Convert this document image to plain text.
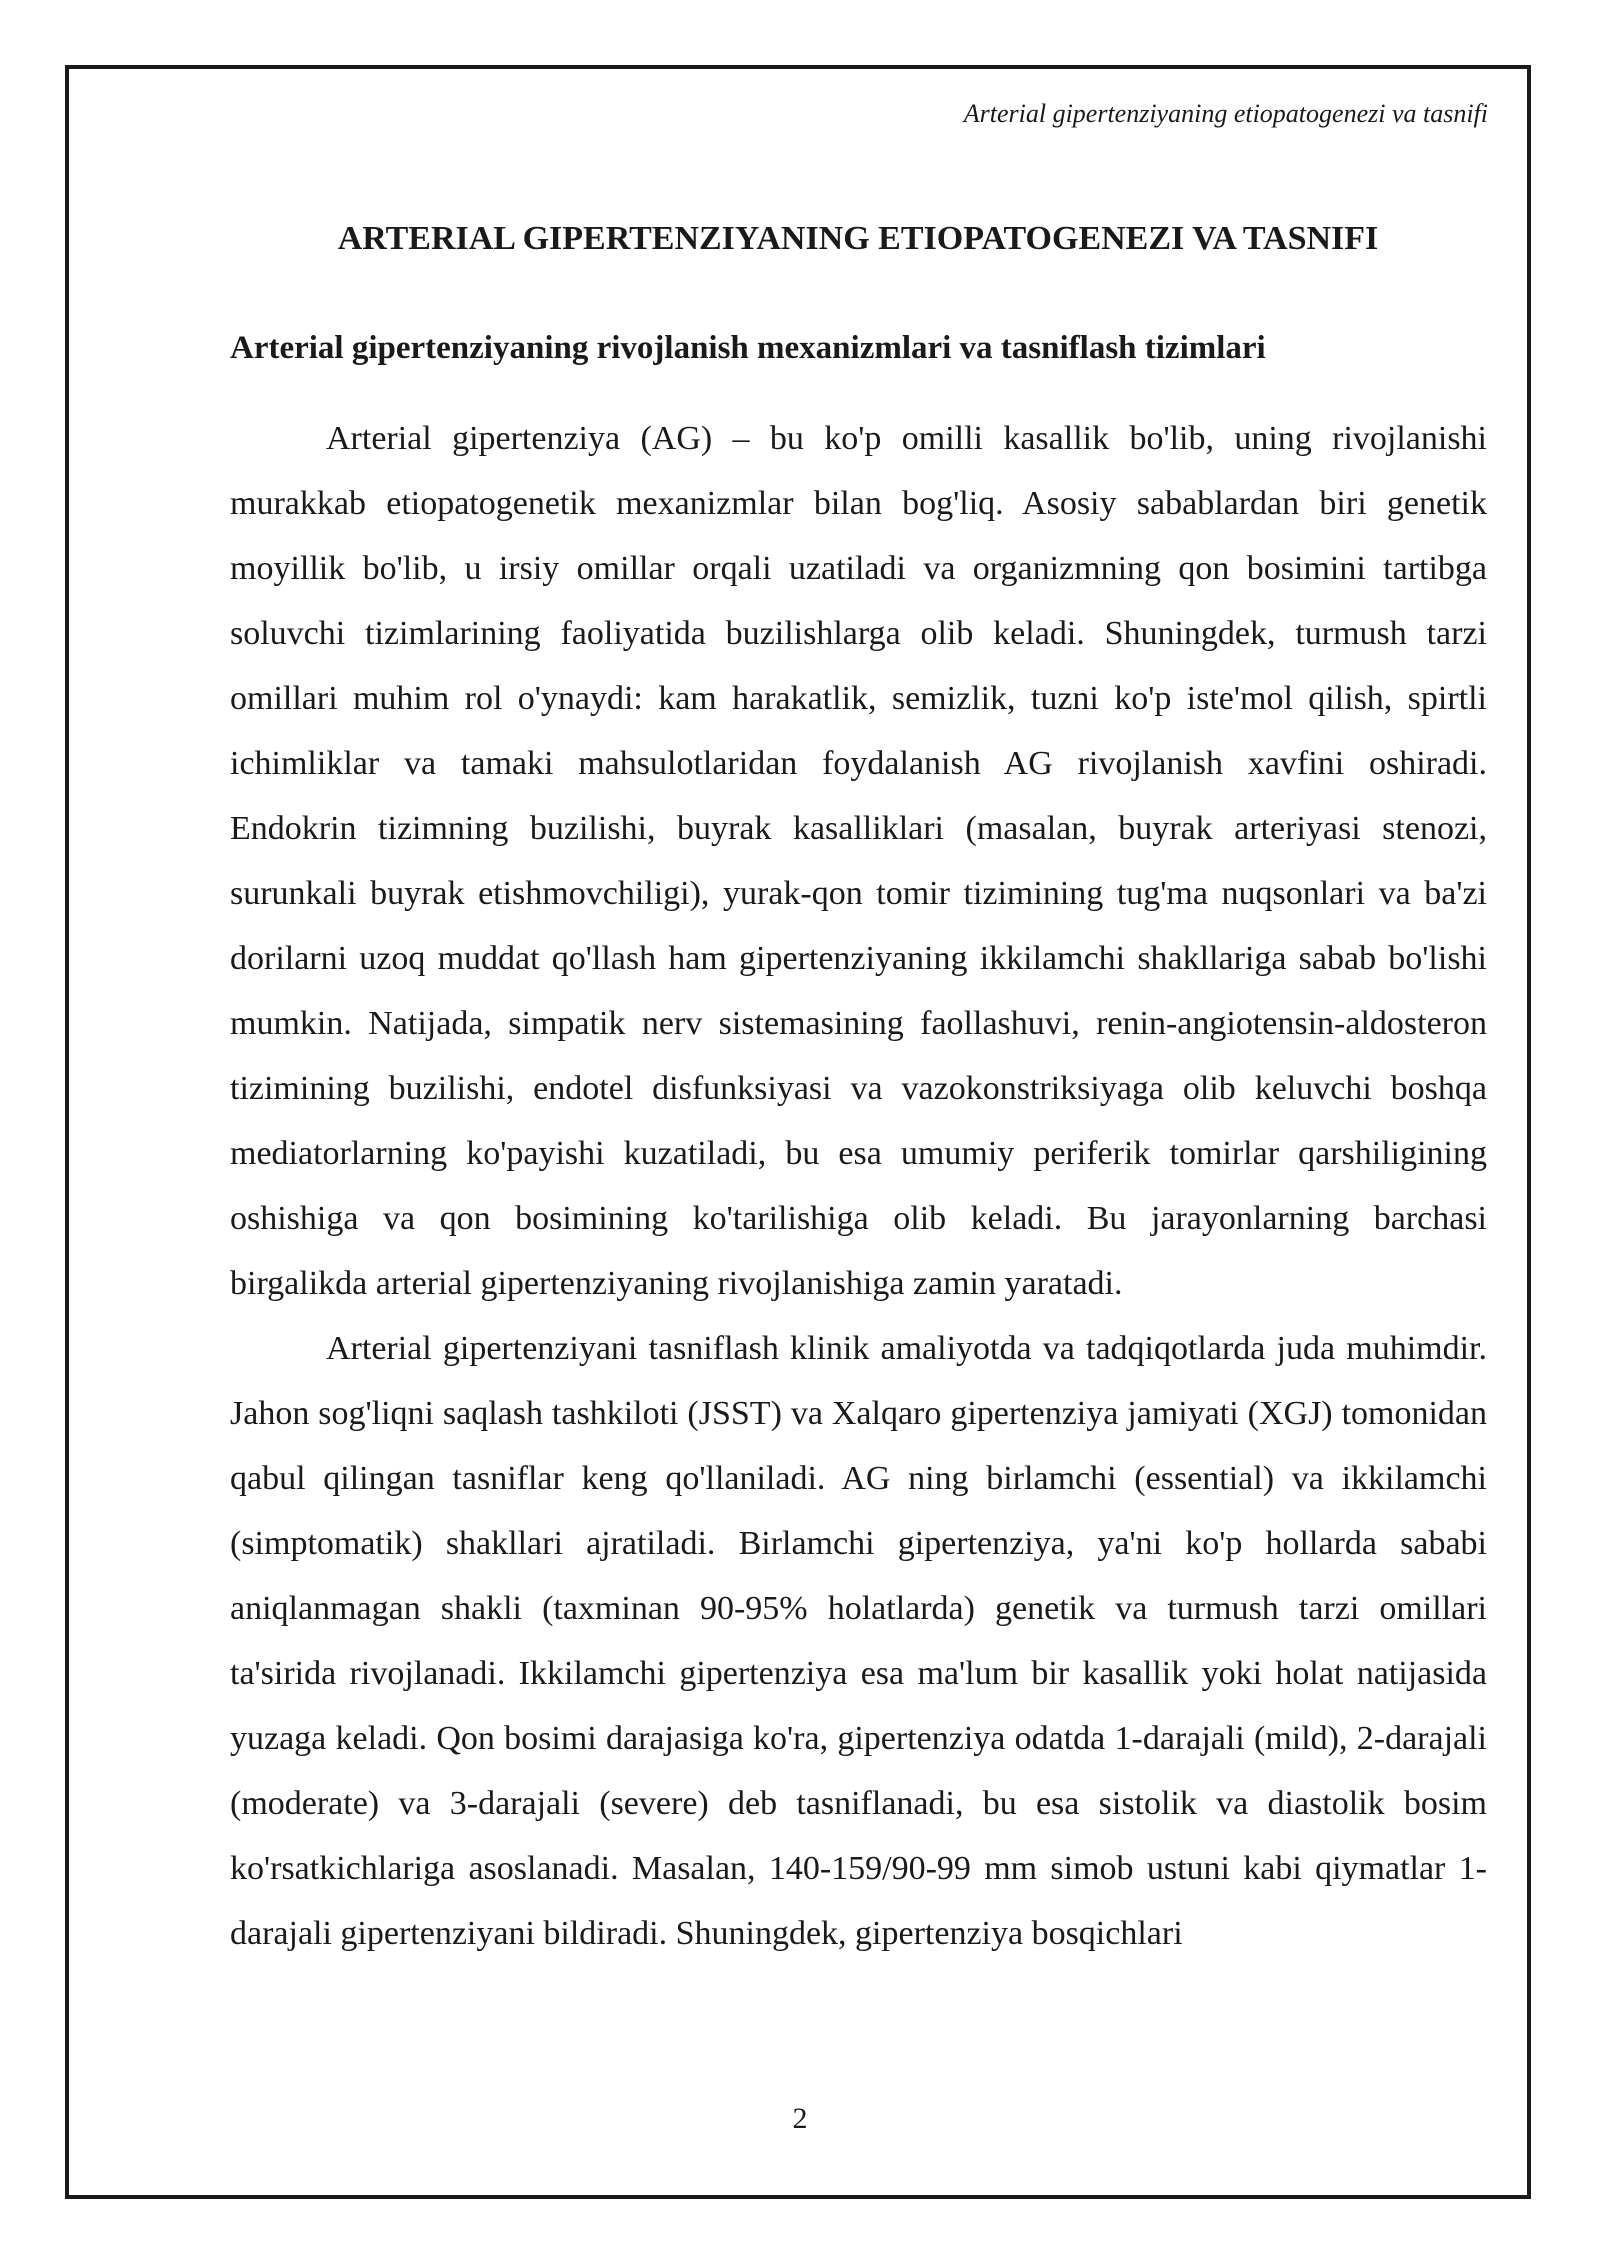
Arterial gipertenziyaning etiopatogenezi va tasnifi
ARTERIAL GIPERTENZIYANING ETIOPATOGENEZI VA TASNIFI
Arterial gipertenziyaning rivojlanish mexanizmlari va tasniflash tizimlari

Arterial gipertenziya (AG) – bu ko'p omilli kasallik bo'lib, uning rivojlanishi murakkab etiopatogenetik mexanizmlar bilan bog'liq. Asosiy sabablardan biri genetik moyillik bo'lib, u irsiy omillar orqali uzatiladi va organizmning qon bosimini tartibga soluvchi tizimlarining faoliyatida buzilishlarga olib keladi. Shuningdek, turmush tarzi omillari muhim rol o'ynaydi: kam harakatlik, semizlik, tuzni ko'p iste'mol qilish, spirtli ichimliklar va tamaki mahsulotlaridan foydalanish AG rivojlanish xavfini oshiradi. Endokrin tizimning buzilishi, buyrak kasalliklari (masalan, buyrak arteriyasi stenozi, surunkali buyrak etishmovchiligi), yurak-qon tomir tizimining tug'ma nuqsonlari va ba'zi dorilarni uzoq muddat qo'llash ham gipertenziyaning ikkilamchi shakllariga sabab bo'lishi mumkin. Natijada, simpatik nerv sistemasining faollashuvi, renin-angiotensin-aldosteron tizimining buzilishi, endotel disfunksiyasi va vazokonstriksiyaga olib keluvchi boshqa mediatorlarning ko'payishi kuzatiladi, bu esa umumiy periferik tomirlar qarshiligining oshishiga va qon bosimining ko'tarilishiga olib keladi. Bu jarayonlarning barchasi birgalikda arterial gipertenziyaning rivojlanishiga zamin yaratadi.

Arterial gipertenziyani tasniflash klinik amaliyotda va tadqiqotlarda juda muhimdir. Jahon sog'liqni saqlash tashkiloti (JSST) va Xalqaro gipertenziya jamiyati (XGJ) tomonidan qabul qilingan tasniflar keng qo'llaniladi. AG ning birlamchi (essential) va ikkilamchi (simptomatik) shakllari ajratiladi. Birlamchi gipertenziya, ya'ni ko'p hollarda sababi aniqlanmagan shakli (taxminan 90-95% holatlarda) genetik va turmush tarzi omillari ta'sirida rivojlanadi. Ikkilamchi gipertenziya esa ma'lum bir kasallik yoki holat natijasida yuzaga keladi. Qon bosimi darajasiga ko'ra, gipertenziya odatda 1-darajali (mild), 2-darajali (moderate) va 3-darajali (severe) deb tasniflanadi, bu esa sistolik va diastolik bosim ko'rsatkichlariga asoslanadi. Masalan, 140-159/90-99 mm simob ustuni kabi qiymatlar 1-darajali gipertenziyani bildiradi. Shuningdek, gipertenziya bosqichlari

2
